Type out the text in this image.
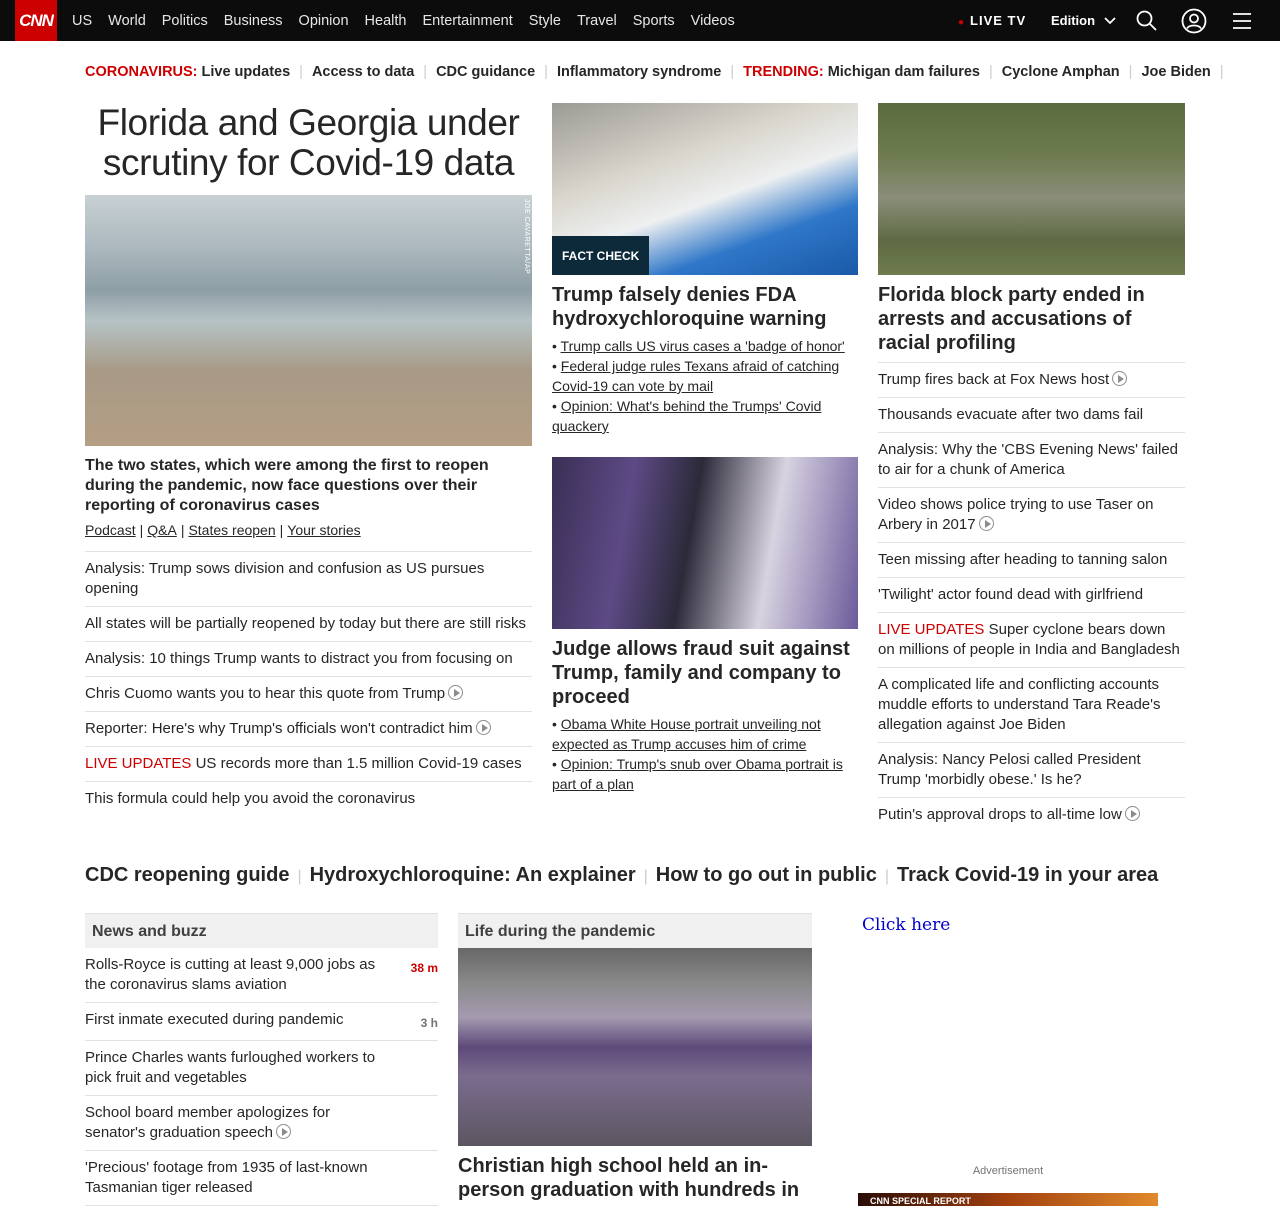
CNN US World Politics Business Opinion Health Entertainment Style Travel Sports Videos	● LIVE TV Edition
CORONAVIRUS: Live updates | Access to data | CDC guidance | Inflammatory syndrome | TRENDING: Michigan dam failures | Cyclone Amphan | Joe Biden |
Florida and Georgia under scrutiny for Covid-19 data
JOE CAVARETTA/AP
The two states, which were among the first to reopen during the pandemic, now face questions over their reporting of coronavirus cases
Podcast | Q&A | States reopen | Your stories
Analysis: Trump sows division and confusion as US pursues opening
All states will be partially reopened by today but there are still risks
Analysis: 10 things Trump wants to distract you from focusing on
Chris Cuomo wants you to hear this quote from Trump
Reporter: Here's why Trump's officials won't contradict him
LIVE UPDATES US records more than 1.5 million Covid-19 cases
This formula could help you avoid the coronavirus
FACT CHECK
Trump falsely denies FDA hydroxychloroquine warning
• Trump calls US virus cases a 'badge of honor'
• Federal judge rules Texans afraid of catching Covid-19 can vote by mail
• Opinion: What's behind the Trumps' Covid quackery
Judge allows fraud suit against Trump, family and company to proceed
• Obama White House portrait unveiling not expected as Trump accuses him of crime
• Opinion: Trump's snub over Obama portrait is part of a plan
Florida block party ended in arrests and accusations of racial profiling
Trump fires back at Fox News host
Thousands evacuate after two dams fail
Analysis: Why the 'CBS Evening News' failed to air for a chunk of America
Video shows police trying to use Taser on Arbery in 2017
Teen missing after heading to tanning salon
'Twilight' actor found dead with girlfriend
LIVE UPDATES Super cyclone bears down on millions of people in India and Bangladesh
A complicated life and conflicting accounts muddle efforts to understand Tara Reade's allegation against Joe Biden
Analysis: Nancy Pelosi called President Trump 'morbidly obese.' Is he?
Putin's approval drops to all-time low
CDC reopening guide | Hydroxychloroquine: An explainer | How to go out in public | Track Covid-19 in your area
News and buzz
Rolls-Royce is cutting at least 9,000 jobs as the coronavirus slams aviation
38 m
First inmate executed during pandemic	3 h
Prince Charles wants furloughed workers to pick fruit and vegetables
School board member apologizes for senator's graduation speech
'Precious' footage from 1935 of last-known Tasmanian tiger released
Life during the pandemic
Christian high school held an in-person graduation with hundreds in
Click here
Advertisement
CNN SPECIAL REPORT
